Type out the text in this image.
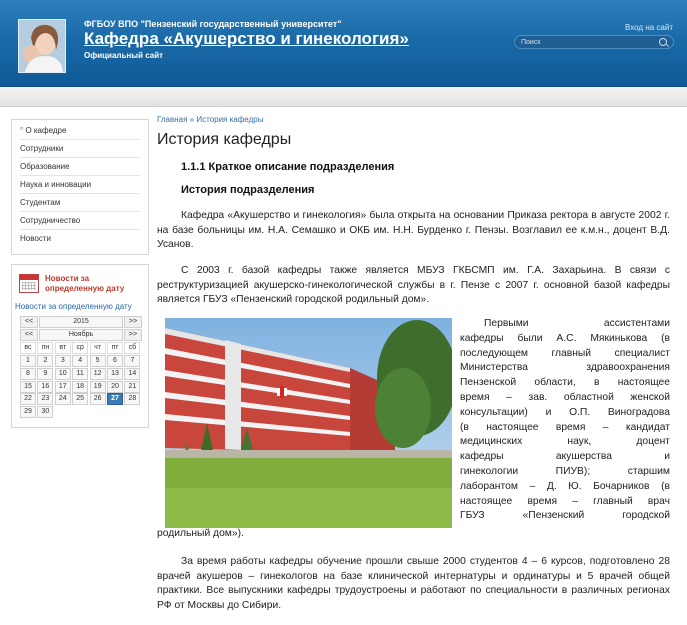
ФГБОУ ВПО "Пензенский государственный университет"
Кафедра «Акушерство и гинекология»
Официальный сайт
Вход на сайт
Поиск
° О кафедре
Сотрудники
Образование
Наука и инновации
Студентам
Сотрудничество
Новости
Новости за определенную дату
Новости за определенную дату
<<	2015	>>
<<	Ноябрь	>>
вс	пн	вт	ср	чт	пт	сб
1	2	3	4	5	6	7
8	9	10	11	12	13	14
15	16	17	18	19	20	21
22	23	24	25	26	27	28
29	30
Главная » История кафедры
История кафедры
1.1.1 Краткое описание подразделения
История подразделения
Кафедра «Акушерство и гинекология» была открыта на основании Приказа ректора в августе 2002 г. на базе больницы им. Н.А. Семашко и ОКБ им. Н.Н. Бурденко г. Пензы. Возглавил ее к.м.н., доцент В.Д. Усанов.
С 2003 г. базой кафедры также является МБУЗ ГКБСМП им. Г.А. Захарьина. В связи с реструктуризацией акушерско-гинекологической службы в г. Пензе с 2007 г. основной базой кафедры является ГБУЗ «Пензенский городской родильный дом».
Первыми ассистентами
кафедры были А.С. Мякинькова (в
последующем главный специалист
Министерства здравоохранения
Пензенской области, в настоящее
время – зав. областной женской
консультации) и О.П. Виноградова
(в настоящее время – кандидат
медицинских наук, доцент
кафедры акушерства и
гинекологии ПИУВ); старшим
лаборантом – Д. Ю. Бочарников (в
настоящее время – главный врач
ГБУЗ «Пензенский городской
родильный дом»).
За время работы кафедры обучение прошли свыше 2000 студентов 4 – 6 курсов, подготовлено 28 врачей акушеров – гинекологов на базе клинической интернатуры и ординатуры и 5 врачей общей практики. Все выпускники кафедры трудоустроены и работают по специальности в различных регионах РФ от Москвы до Сибири.
